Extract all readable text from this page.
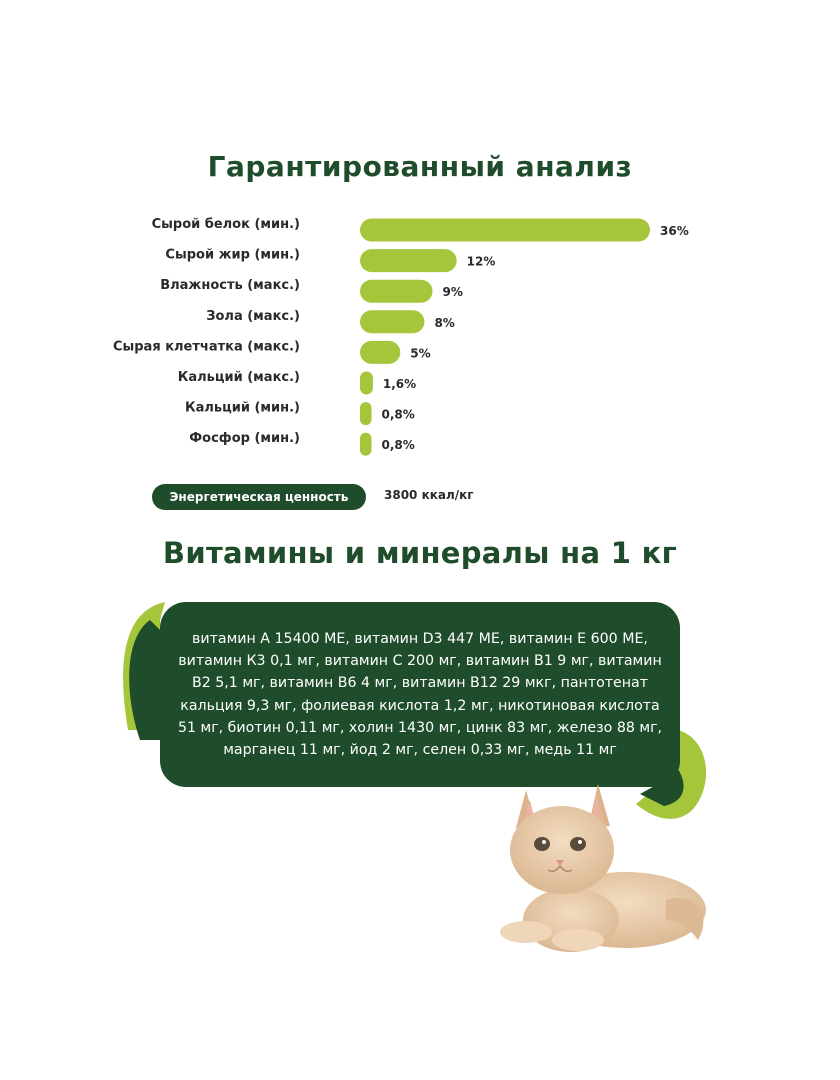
Гарантированный анализ
Сырой белок (мин.)	36%
Сырой жир (мин.)	12%
Влажность (макс.)	9%
Зола (макс.)	8%
Сырая клетчатка (макс.)	5%
Кальций (макс.)	1,6%
Кальций (мин.)	0,8%
Фосфор (мин.)	0,8%
Энергетическая ценность	3800 ккал/кг
Витамины и минералы на 1 кг
витамин А 15400 МЕ, витамин D3 447 МЕ, витамин Е 600 МЕ, витамин К3 0,1 мг, витамин С 200 мг, витамин В1 9 мг, витамин В2 5,1 мг, витамин В6 4 мг, витамин В12 29 мкг, пантотенат кальция 9,3 мг, фолиевая кислота 1,2 мг, никотиновая кислота 51 мг, биотин 0,11 мг, холин 1430 мг, цинк 83 мг, железо 88 мг, марганец 11 мг, йод 2 мг, селен 0,33 мг, медь 11 мг
